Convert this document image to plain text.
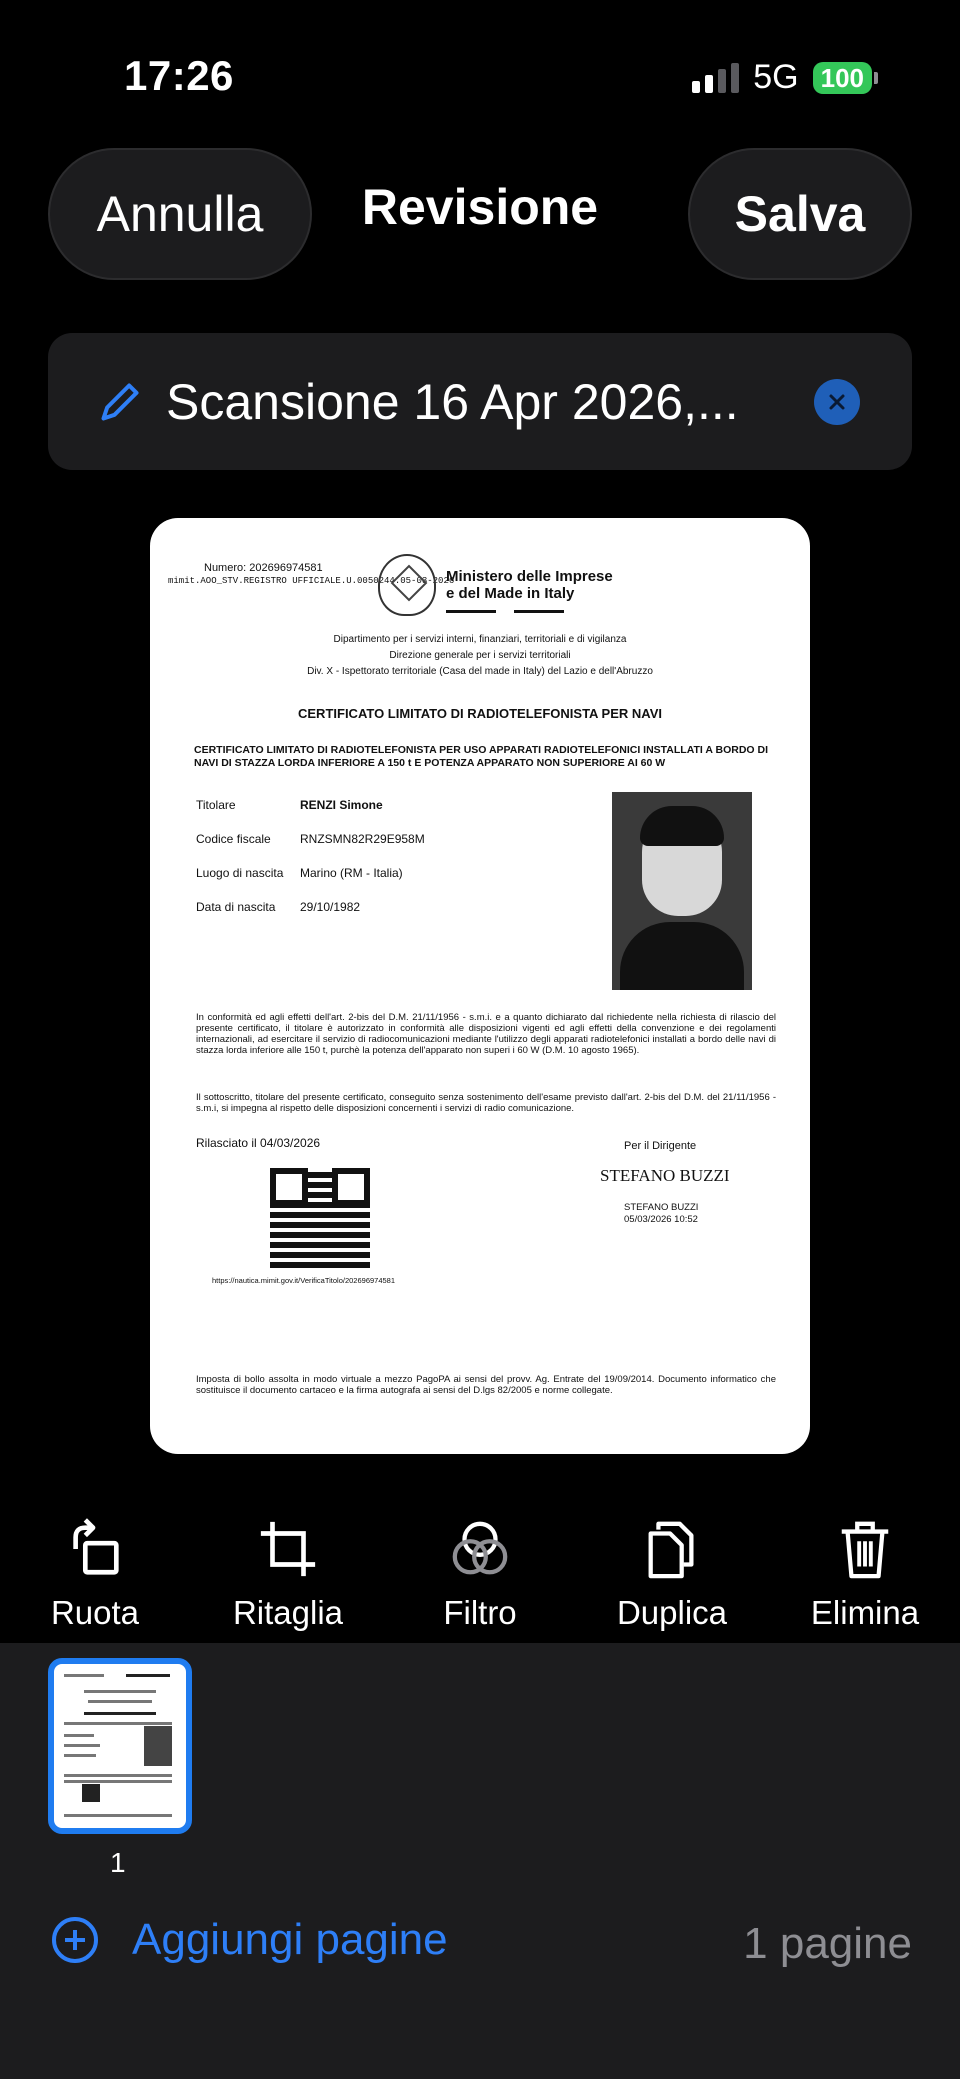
17:26	5G 100
Annulla	Revisione	Salva
Scansione 16 Apr 2026,...
Numero: 202696974581
mimit.AOO_STV.REGISTRO UFFICIALE.U.0050244.05-03-2026
Ministero delle Imprese e del Made in Italy
Dipartimento per i servizi interni, finanziari, territoriali e di vigilanza
Direzione generale per i servizi territoriali
Div. X - Ispettorato territoriale (Casa del made in Italy) del Lazio e dell'Abruzzo
CERTIFICATO LIMITATO DI RADIOTELEFONISTA PER NAVI
CERTIFICATO LIMITATO DI RADIOTELEFONISTA PER USO APPARATI RADIOTELEFONICI INSTALLATI A BORDO DI NAVI DI STAZZA LORDA INFERIORE A 150 t E POTENZA APPARATO NON SUPERIORE AI 60 W
Titolare	RENZI Simone
Codice fiscale RNZSMN82R29E958M
Luogo di nascita Marino (RM - Italia)
Data di nascita 29/10/1982
In conformità ed agli effetti dell'art. 2-bis del D.M. 21/11/1956 - s.m.i. e a quanto dichiarato dal richiedente nella richiesta di rilascio del presente certificato, il titolare è autorizzato in conformità alle disposizioni vigenti ed agli effetti della convenzione e dei regolamenti internazionali, ad esercitare il servizio di radiocomunicazioni mediante l'utilizzo degli apparati radiotelefonici installati a bordo delle navi di stazza lorda inferiore alle 150 t, purchè la potenza dell'apparato non superi i 60 W (D.M. 10 agosto 1965).
Il sottoscritto, titolare del presente certificato, conseguito senza sostenimento dell'esame previsto dall'art. 2-bis del D.M. del 21/11/1956 - s.m.i, si impegna al rispetto delle disposizioni concernenti i servizi di radio comunicazione.
Rilasciato il 04/03/2026	Per il Dirigente
STEFANO BUZZI
STEFANO BUZZI
05/03/2026 10:52
https://nautica.mimit.gov.it/VerificaTitolo/202696974581
Imposta di bollo assolta in modo virtuale a mezzo PagoPA ai sensi del provv. Ag. Entrate del 19/09/2014. Documento informatico che sostituisce il documento cartaceo e la firma autografa ai sensi del D.lgs 82/2005 e norme collegate.
Ruota	Ritaglia	Filtro	Duplica	Elimina
1
Aggiungi pagine	1 pagine
